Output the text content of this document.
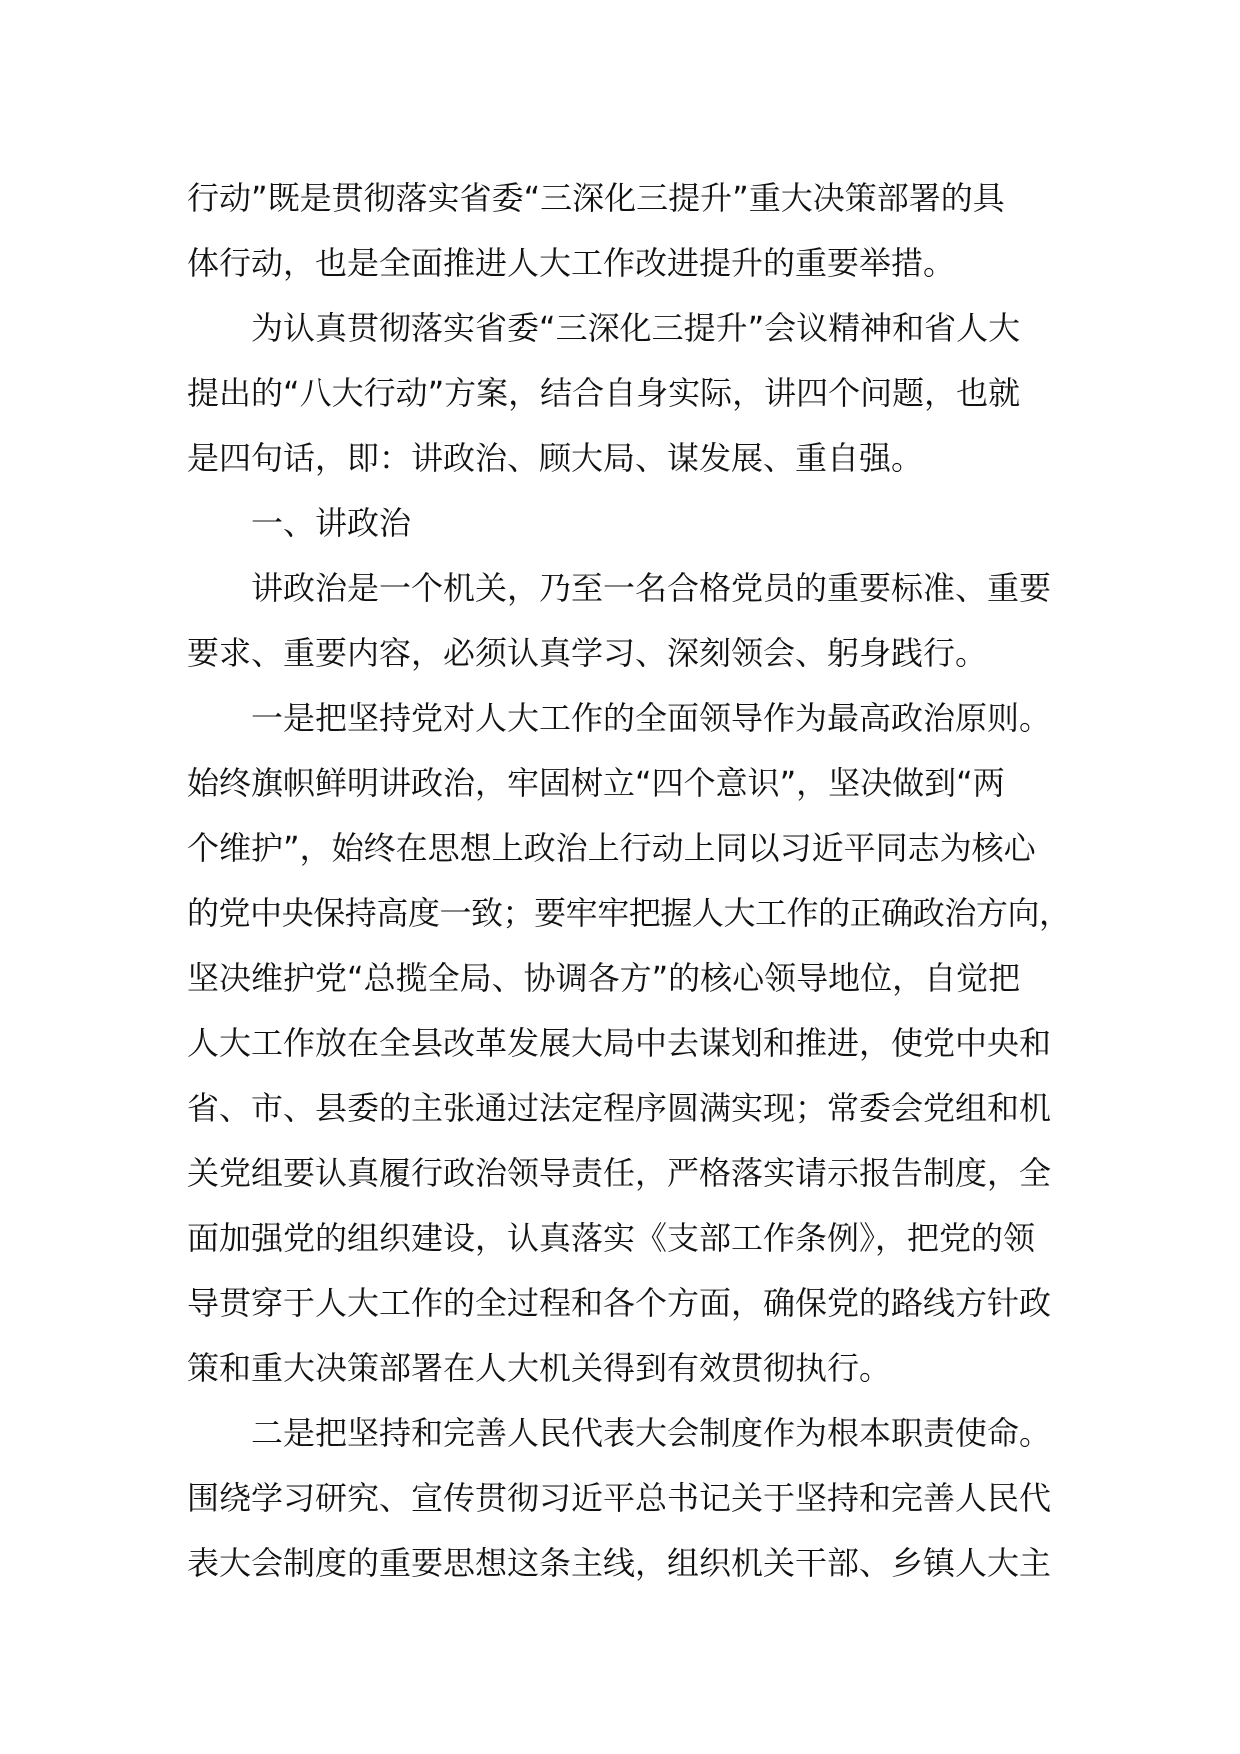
行动”既是贯彻落实省委“三深化三提升”重大决策部署的具
体行动，也是全面推进人大工作改进提升的重要举措。
为认真贯彻落实省委“三深化三提升”会议精神和省人大
提出的“八大行动”方案，结合自身实际，讲四个问题，也就
是四句话，即：讲政治、顾大局、谋发展、重自强。
一、讲政治
讲政治是一个机关，乃至一名合格党员的重要标准、重要
要求、重要内容，必须认真学习、深刻领会、躬身践行。
一是把坚持党对人大工作的全面领导作为最高政治原则。
始终旗帜鲜明讲政治，牢固树立“四个意识”，坚决做到“两
个维护”，始终在思想上政治上行动上同以习近平同志为核心
的党中央保持高度一致；要牢牢把握人大工作的正确政治方向，
坚决维护党“总揽全局、协调各方”的核心领导地位，自觉把
人大工作放在全县改革发展大局中去谋划和推进，使党中央和
省、市、县委的主张通过法定程序圆满实现；常委会党组和机
关党组要认真履行政治领导责任，严格落实请示报告制度，全
面加强党的组织建设，认真落实《支部工作条例》，把党的领
导贯穿于人大工作的全过程和各个方面，确保党的路线方针政
策和重大决策部署在人大机关得到有效贯彻执行。
二是把坚持和完善人民代表大会制度作为根本职责使命。
围绕学习研究、宣传贯彻习近平总书记关于坚持和完善人民代
表大会制度的重要思想这条主线，组织机关干部、乡镇人大主
